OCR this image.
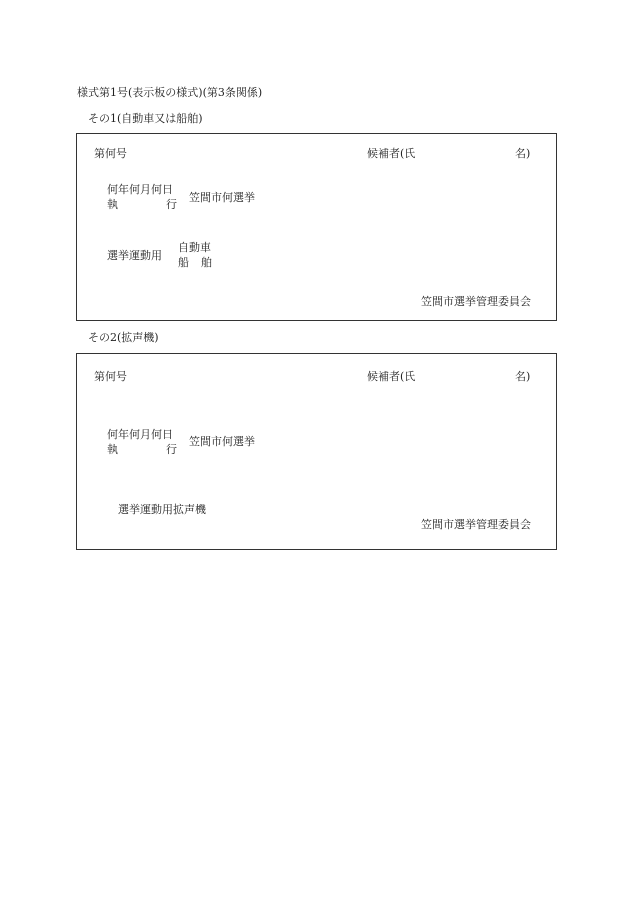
様式第1号(表示板の様式)(第3条関係)
その1(自動車又は船舶)
第何号	候補者(氏	名)
何年何月何日
執	行
笠間市何選挙
選挙運動用
自動車
船 舶
笠間市選挙管理委員会
その2(拡声機)
第何号	候補者(氏	名)
何年何月何日
執	行
笠間市何選挙
選挙運動用拡声機
笠間市選挙管理委員会
